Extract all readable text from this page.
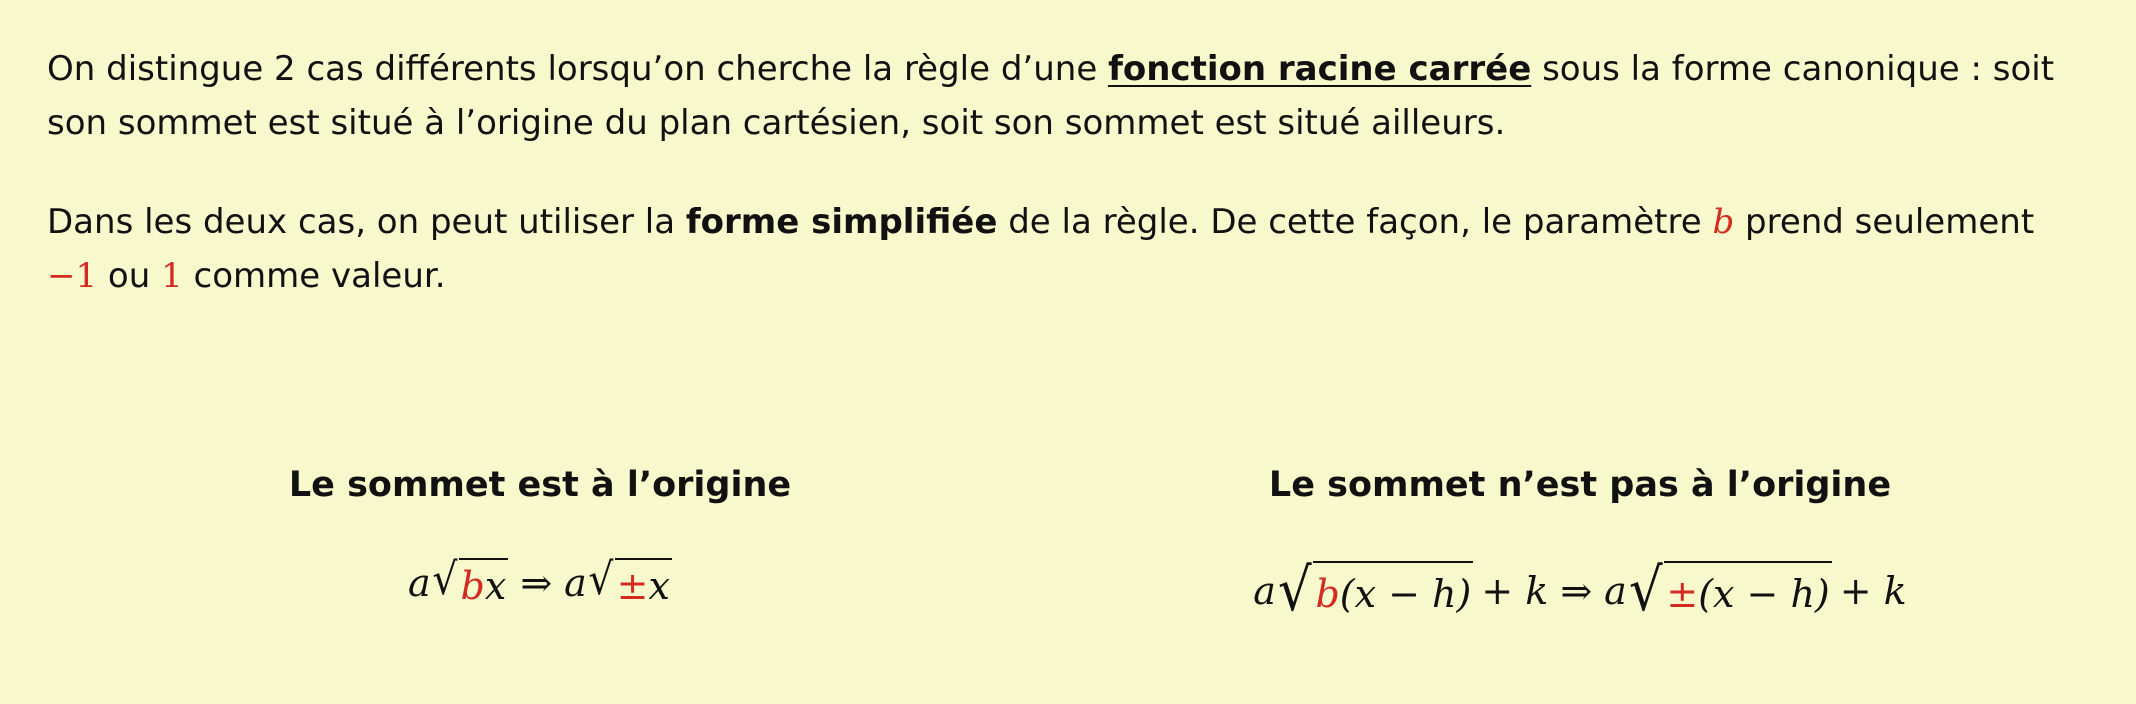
On distingue 2 cas différents lorsqu’on cherche la règle d’une fonction racine carrée sous la forme canonique : soit son sommet est situé à l’origine du plan cartésien, soit son sommet est situé ailleurs.

Dans les deux cas, on peut utiliser la forme simplifiée de la règle. De cette façon, le paramètre b prend seulement
−1 ou 1 comme valeur.

Le sommet est à l’origine
a √ b x ⇒ a √ ± x
Le sommet n’est pas à l’origine
a √ b (x − h) + k ⇒ a √ ± (x − h) + k
